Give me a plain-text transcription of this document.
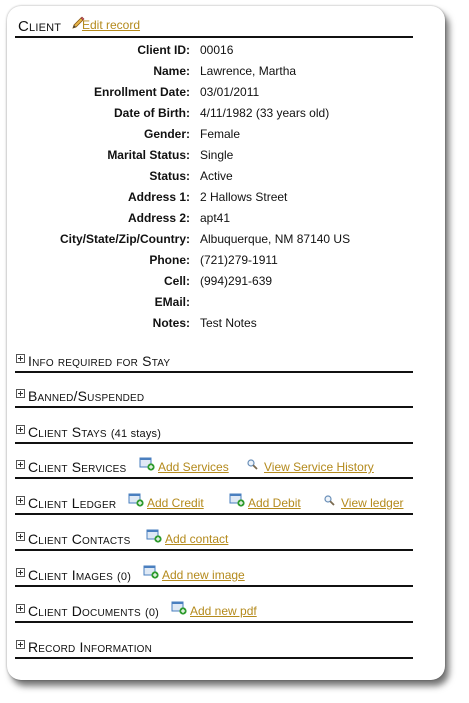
Client Edit record
Client ID: 00016
Name: Lawrence, Martha
Enrollment Date: 03/01/2011
Date of Birth: 4/11/1982 (33 years old)
Gender: Female
Marital Status: Single
Status: Active
Address 1: 2 Hallows Street
Address 2: apt41
City/State/Zip/Country: Albuquerque, NM 87140 US
Phone: (721)279-1911
Cell: (994)291-639
EMail:
Notes: Test Notes
Info required for Stay
Banned/Suspended
Client Stays (41 stays)
Client Services	Add Services	View Service History
Client Ledger	Add Credit	Add Debit	View ledger
Client Contacts	Add contact
Client Images (0)	Add new image
Client Documents (0)	Add new pdf
Record Information
